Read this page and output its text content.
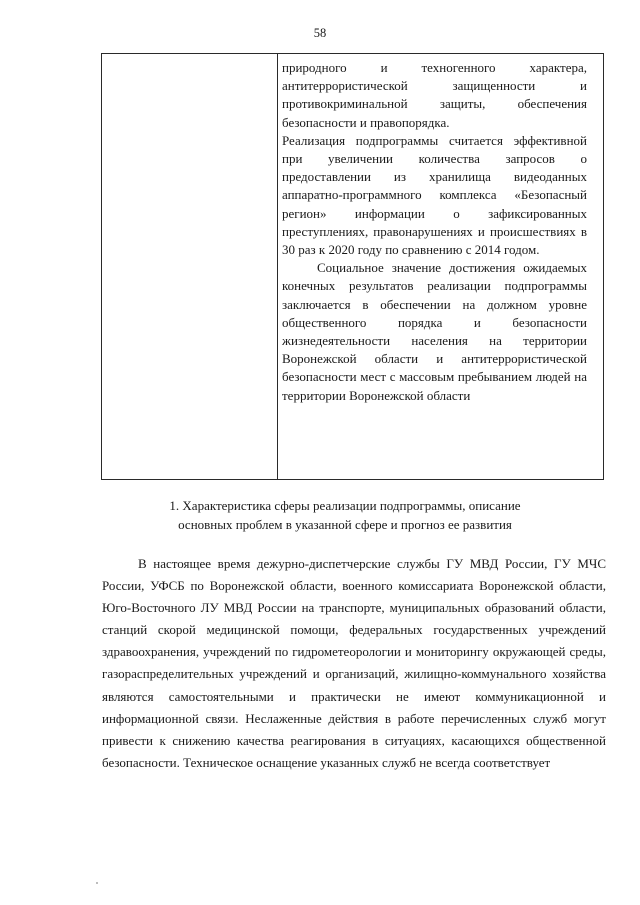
58

природного и техногенного характера, антитеррористической защищенности и противокриминальной защиты, обеспечения безопасности и правопорядка.

Реализация подпрограммы считается эффективной при увеличении количества запросов о предоставлении из хранилища видеоданных аппаратно-программного комплекса «Безопасный регион» информации о зафиксированных преступлениях, правонарушениях и происшествиях в 30 раз к 2020 году по сравнению с 2014 годом.

Социальное значение достижения ожидаемых конечных результатов реализации подпрограммы заключается в обеспечении на должном уровне общественного порядка и безопасности жизнедеятельности населения на территории Воронежской области и антитеррористической безопасности мест с массовым пребыванием людей на территории Воронежской области

1. Характеристика сферы реализации подпрограммы, описание
основных проблем в указанной сфере и прогноз ее развития

В настоящее время дежурно-диспетчерские службы ГУ МВД России, ГУ МЧС России, УФСБ по Воронежской области, военного комиссариата Воронежской области, Юго-Восточного ЛУ МВД России на транспорте, муниципальных образований области, станций скорой медицинской помощи, федеральных государственных учреждений здравоохранения, учреждений по гидрометеорологии и мониторингу окружающей среды, газораспределительных учреждений и организаций, жилищно-коммунального хозяйства являются самостоятельными и практически не имеют коммуникационной и информационной связи. Неслаженные действия в работе перечисленных служб могут привести к снижению качества реагирования в ситуациях, касающихся общественной безопасности. Техническое оснащение указанных служб не всегда соответствует
